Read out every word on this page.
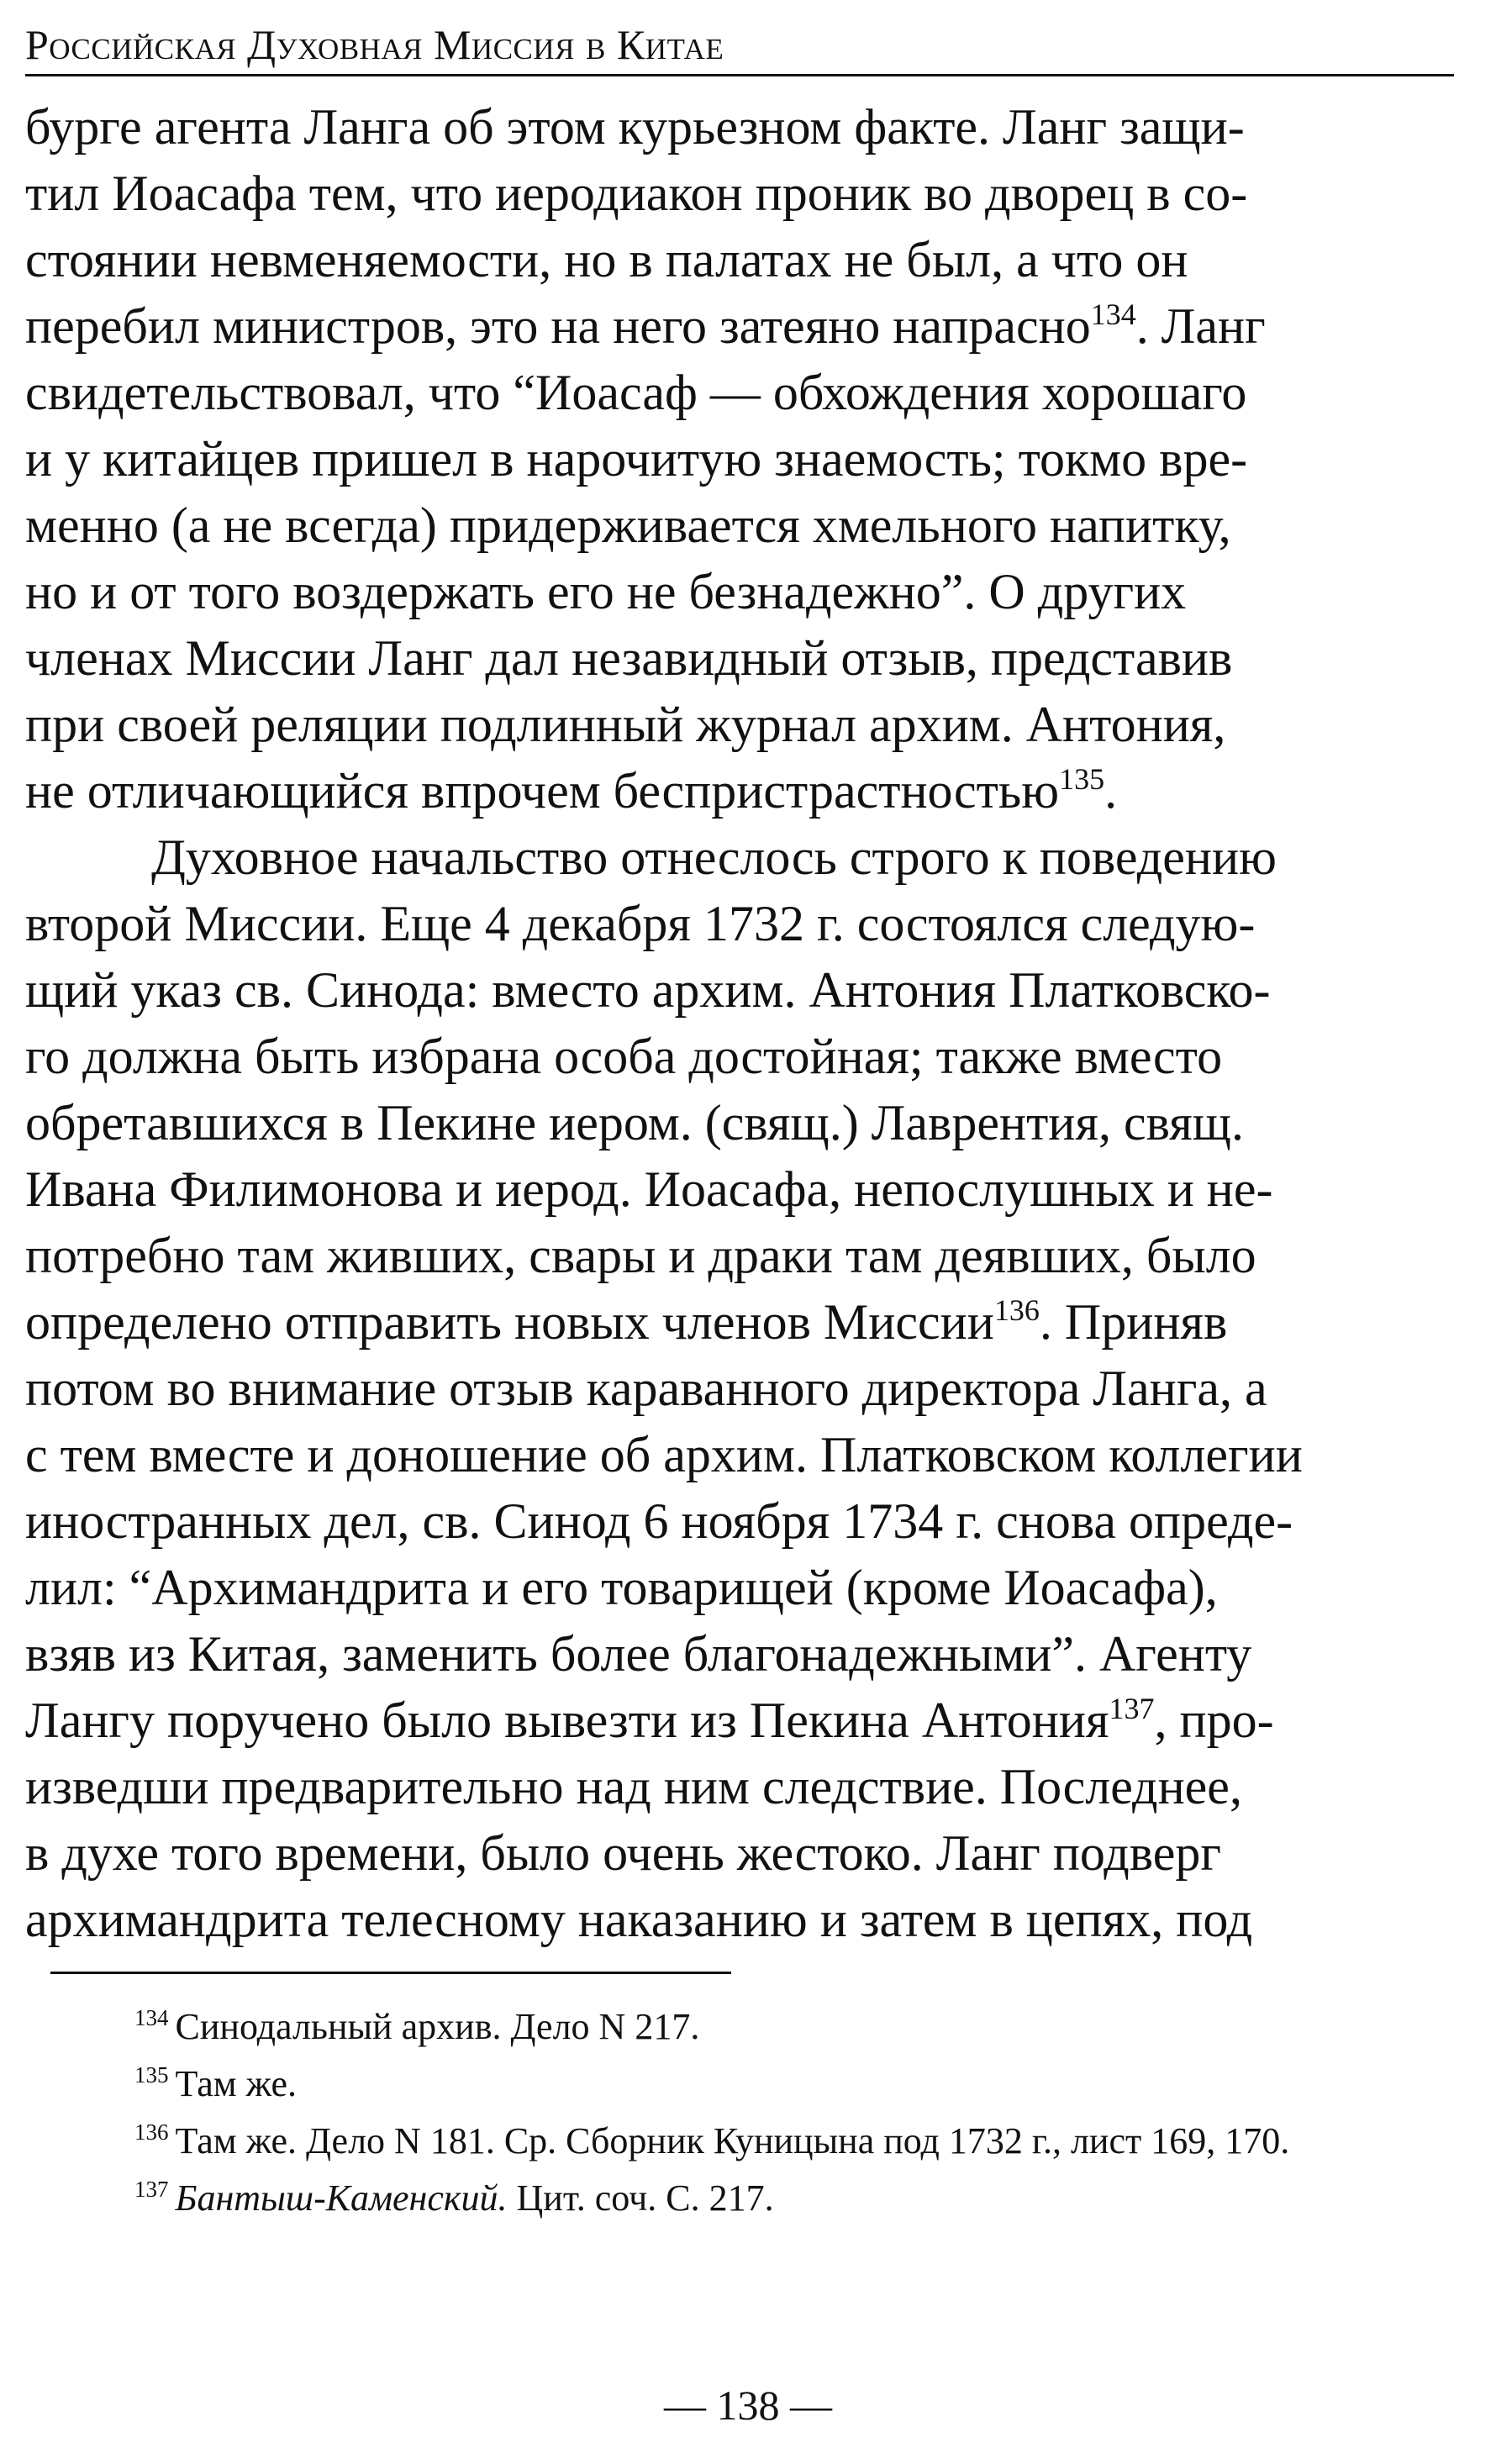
Российская Духовная Миссия в Китае
бурге агента Ланга об этом курьезном факте. Ланг защи-
тил Иоасафа тем, что иеродиакон проник во дворец в со-
стоянии невменяемости, но в палатах не был, а что он
перебил министров, это на него затеяно напрасно$^{134}$. Ланг
свидетельствовал, что “Иоасаф — обхождения хорошаго
и у китайцев пришел в нарочитую знаемость; токмо вре-
менно (а не всегда) придерживается хмельного напитку,
но и от того воздержать его не безнадежно”. О других
членах Миссии Ланг дал незавидный отзыв, представив
при своей реляции подлинный журнал архим. Антония,
не отличающийся впрочем беспристрастностью$^{135}$.
Духовное начальство отнеслось строго к поведению
второй Миссии. Еще 4 декабря 1732 г. состоялся следую-
щий указ св. Синода: вместо архим. Антония Платковско-
го должна быть избрана особа достойная; также вместо
обретавшихся в Пекине иером. (свящ.) Лаврентия, свящ.
Ивана Филимонова и иерод. Иоасафа, непослушных и не-
потребно там живших, свары и драки там деявших, было
определено отправить новых членов Миссии$^{136}$. Приняв
потом во внимание отзыв караванного директора Ланга, а
с тем вместе и доношение об архим. Платковском коллегии
иностранных дел, св. Синод 6 ноября 1734 г. снова опреде-
лил: “Архимандрита и его товарищей (кроме Иоасафа),
взяв из Китая, заменить более благонадежными”. Агенту
Лангу поручено было вывезти из Пекина Антония$^{137}$, про-
изведши предварительно над ним следствие. Последнее,
в духе того времени, было очень жестоко. Ланг подверг
архимандрита телесному наказанию и затем в цепях, под
$^{134}$ Синодальный архив. Дело N 217.
$^{135}$ Там же.
$^{136}$ Там же. Дело N 181. Ср. Сборник Куницына под 1732 г., лист 169, 170.
$^{137}$ Бантыш-Каменский. Цит. соч. С. 217.
— 138 —
